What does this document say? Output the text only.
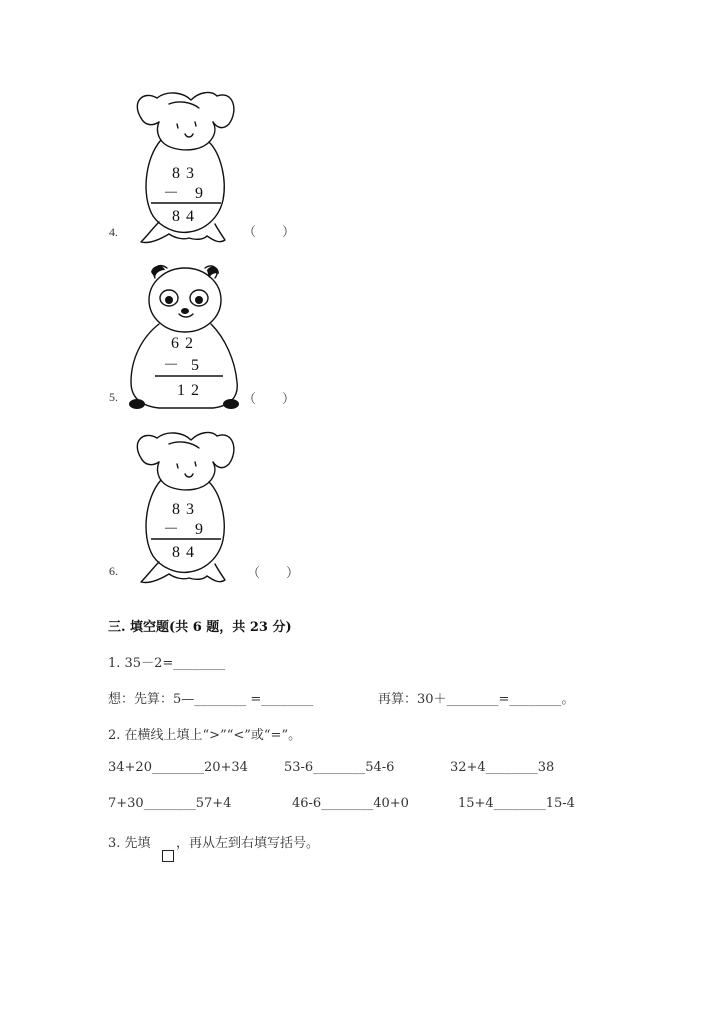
83
－ 9
84
4.	（　　）
62
－ 5
12
5.	（　　）
83
－ 9
84
6.	（　　）
三. 填空题(共 6 题，共 23 分)
1. 35－2=________
想：先算：5—________ =________	再算：30＋________=________。
2. 在横线上填上“>”“<”或“=”。
34+20________20+34	53-6________54-6	32+4________38
7+30________57+4	46-6________40+0	15+4________15-4
3. 先填 ，再从左到右填写括号。
